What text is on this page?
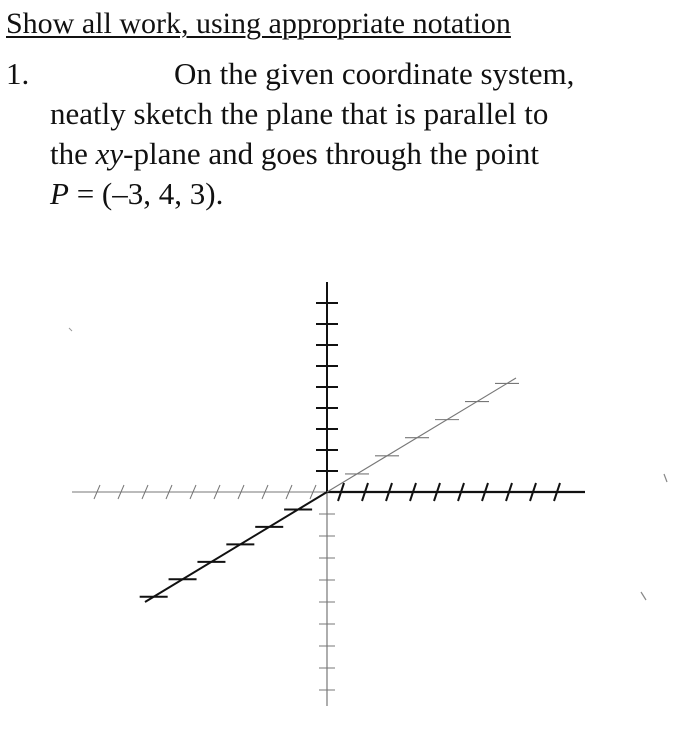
Show all work, using appropriate notation
1.	On the given coordinate system,
neatly sketch the plane that is parallel to
the xy-plane and goes through the point
P = (–3, 4, 3).
